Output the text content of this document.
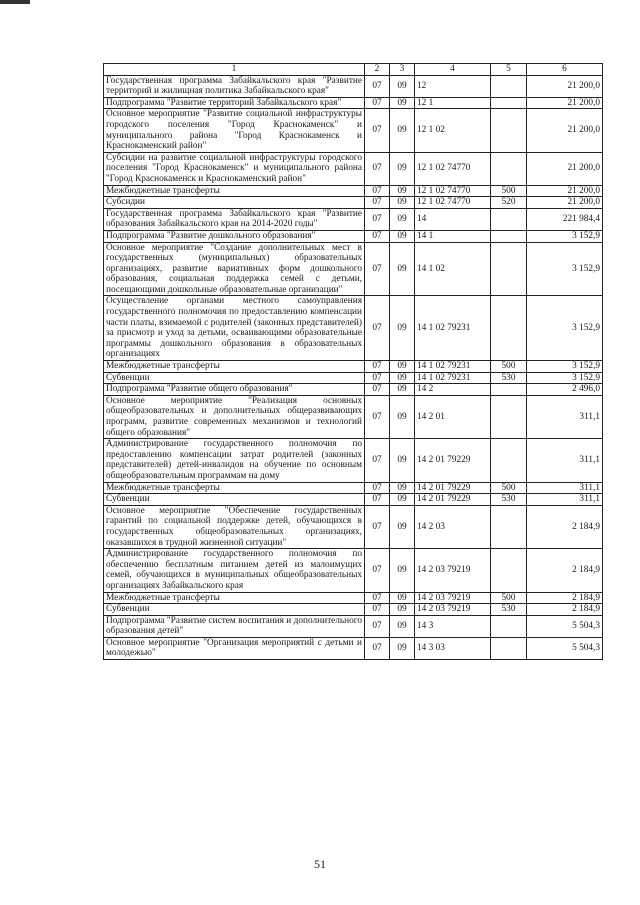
1	2	3	4	5	6
Государственная программа Забайкальского края "Развитие территорий и жилищная политика Забайкальского края"	07	09	12		21 200,0
Подпрограмма "Развитие территорий Забайкальского края"	07	09	12 1		21 200,0
Основное мероприятие "Развитие социальной инфраструктуры городского поселения "Город Краснокаменск" и муниципального района "Город Краснокаменск и Краснокаменский район"	07	09	12 1 02		21 200,0
Субсидии на развитие социальной инфраструктуры городского поселения "Город Краснокаменск" и муниципального района "Город Краснокаменск и Краснокаменский район"	07	09	12 1 02 74770		21 200,0
Межбюджетные трансферты	07	09	12 1 02 74770	500	21 200,0
Субсидии	07	09	12 1 02 74770	520	21 200,0
Государственная программа Забайкальского края "Развитие образования Забайкальского края на 2014-2020 годы"	07	09	14		221 984,4
Подпрограмма "Развитие дошкольного образования"	07	09	14 1		3 152,9
Основное мероприятие "Создание дополнительных мест в государственных (муниципальных) образовательных организациях, развитие вариативных форм дошкольного образования, социальная поддержка семей с детьми, посещающими дошкольные образовательные организации"	07	09	14 1 02		3 152,9
Осуществление органами местного самоуправления государственного полномочия по предоставлению компенсации части платы, взимаемой с родителей (законных представителей) за присмотр и уход за детьми, осваивающими образовательные программы дошкольного образования в образовательных организациях	07	09	14 1 02 79231		3 152,9
Межбюджетные трансферты	07	09	14 1 02 79231	500	3 152,9
Субвенции	07	09	14 1 02 79231	530	3 152,9
Подпрограмма "Развитие общего образования"	07	09	14 2		2 496,0
Основное мероприятие "Реализация основных общеобразовательных и дополнительных общеразвивающих программ, развитие современных механизмов и технологий общего образования"	07	09	14 2 01		311,1
Администрирование государственного полномочия по предоставлению компенсации затрат родителей (законных представителей) детей-инвалидов на обучение по основным общеобразовательным программам на дому	07	09	14 2 01 79229		311,1
Межбюджетные трансферты	07	09	14 2 01 79229	500	311,1
Субвенции	07	09	14 2 01 79229	530	311,1
Основное мероприятие "Обеспечение государственных гарантий по социальной поддержке детей, обучающихся в государственных общеобразовательных организациях, оказавшихся в трудной жизненной ситуации"	07	09	14 2 03		2 184,9
Администрирование государственного полномочия по обеспечению бесплатным питанием детей из малоимущих семей, обучающихся в муниципальных общеобразовательных организациях Забайкальского края	07	09	14 2 03 79219		2 184,9
Межбюджетные трансферты	07	09	14 2 03 79219	500	2 184,9
Субвенции	07	09	14 2 03 79219	530	2 184,9
Подпрограмма "Развитие систем воспитания и дополнительного образования детей"	07	09	14 3		5 504,3
Основное мероприятие "Организация мероприятий с детьми и молодежью"	07	09	14 3 03		5 504,3
51
